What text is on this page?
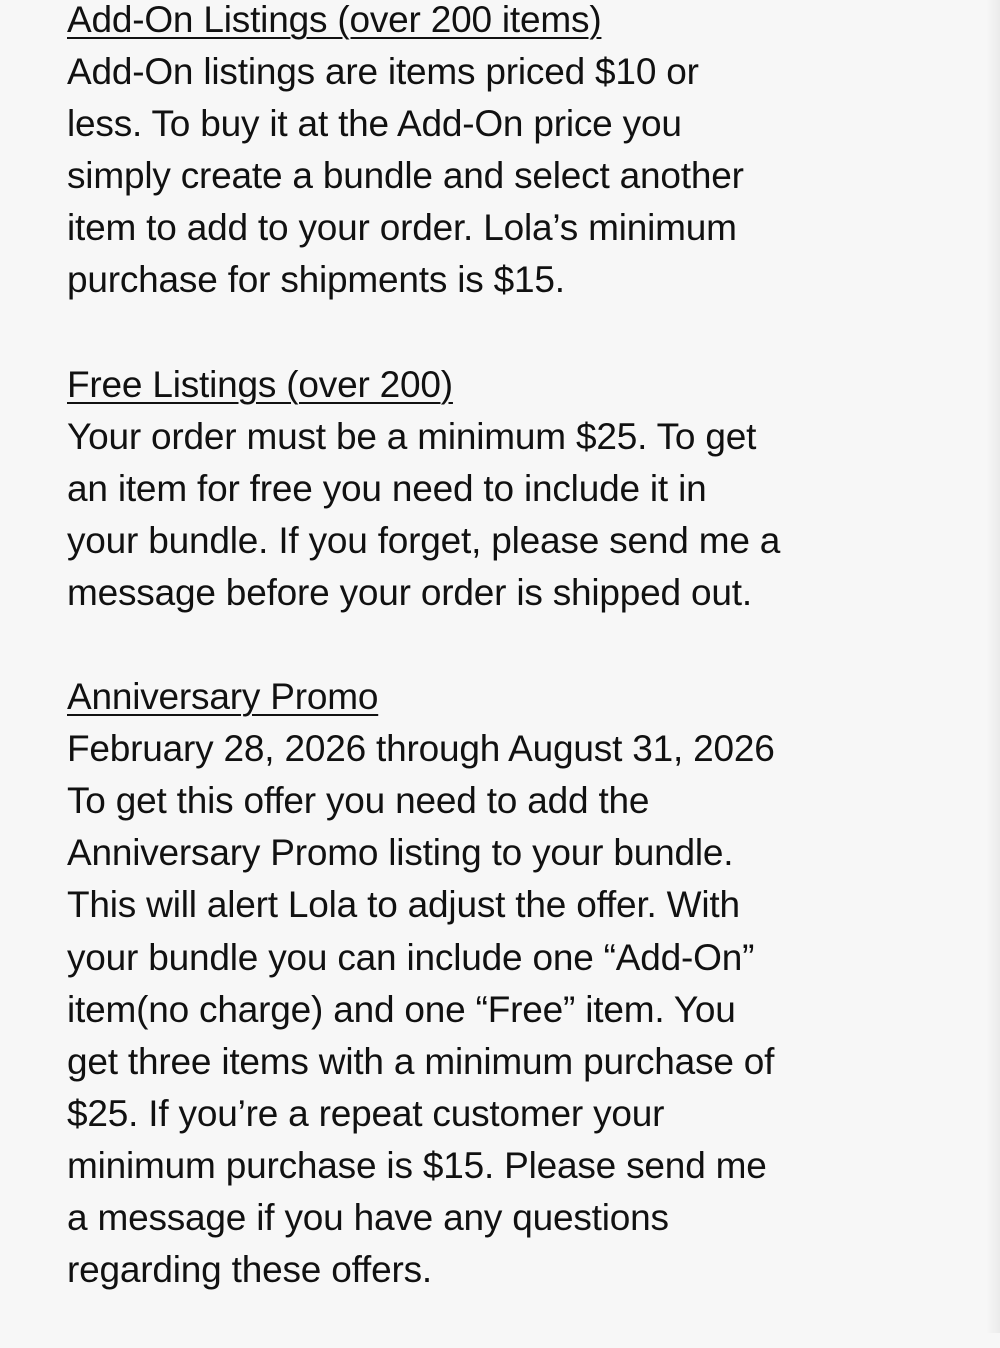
Add-On Listings (over 200 items)
Add-On listings are items priced $10 or
less. To buy it at the Add-On price you
simply create a bundle and select another
item to add to your order. Lola’s minimum
purchase for shipments is $15.
Free Listings (over 200)
Your order must be a minimum $25. To get
an item for free you need to include it in
your bundle. If you forget, please send me a
message before your order is shipped out.
Anniversary Promo
February 28, 2026 through August 31, 2026
To get this offer you need to add the
Anniversary Promo listing to your bundle.
This will alert Lola to adjust the offer. With
your bundle you can include one “Add-On”
item(no charge) and one “Free” item. You
get three items with a minimum purchase of
$25. If you’re a repeat customer your
minimum purchase is $15. Please send me
a message if you have any questions
regarding these offers.
